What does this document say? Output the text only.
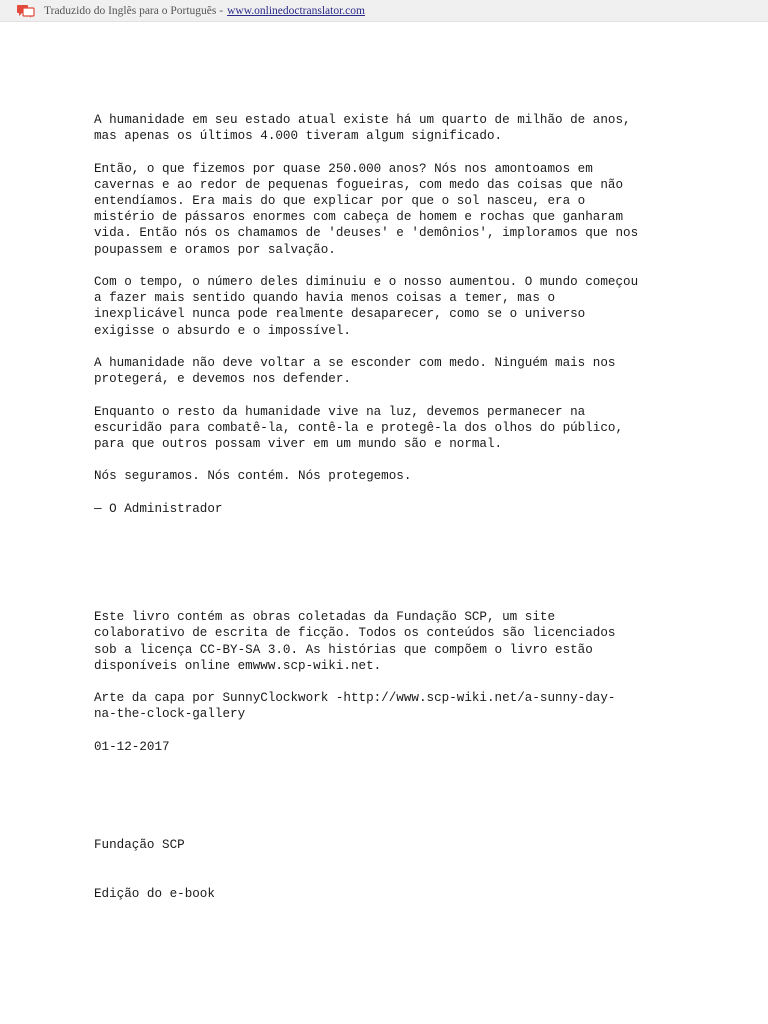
Traduzido do Inglês para o Português - www.onlinedoctranslator.com

A humanidade em seu estado atual existe há um quarto de milhão de anos,
mas apenas os últimos 4.000 tiveram algum significado.

Então, o que fizemos por quase 250.000 anos? Nós nos amontoamos em
cavernas e ao redor de pequenas fogueiras, com medo das coisas que não
entendíamos. Era mais do que explicar por que o sol nasceu, era o
mistério de pássaros enormes com cabeça de homem e rochas que ganharam
vida. Então nós os chamamos de 'deuses' e 'demônios', imploramos que nos
poupassem e oramos por salvação.

Com o tempo, o número deles diminuiu e o nosso aumentou. O mundo começou
a fazer mais sentido quando havia menos coisas a temer, mas o
inexplicável nunca pode realmente desaparecer, como se o universo
exigisse o absurdo e o impossível.

A humanidade não deve voltar a se esconder com medo. Ninguém mais nos
protegerá, e devemos nos defender.

Enquanto o resto da humanidade vive na luz, devemos permanecer na
escuridão para combatê-la, contê-la e protegê-la dos olhos do público,
para que outros possam viver em um mundo são e normal.

Nós seguramos. Nós contém. Nós protegemos.

— O Administrador

Este livro contém as obras coletadas da Fundação SCP, um site
colaborativo de escrita de ficção. Todos os conteúdos são licenciados
sob a licença CC-BY-SA 3.0. As histórias que compõem o livro estão
disponíveis online emwww.scp-wiki.net.

Arte da capa por SunnyClockwork -http://www.scp-wiki.net/a-sunny-day-
na-the-clock-gallery

01-12-2017

Fundação SCP

Edição do e-book
